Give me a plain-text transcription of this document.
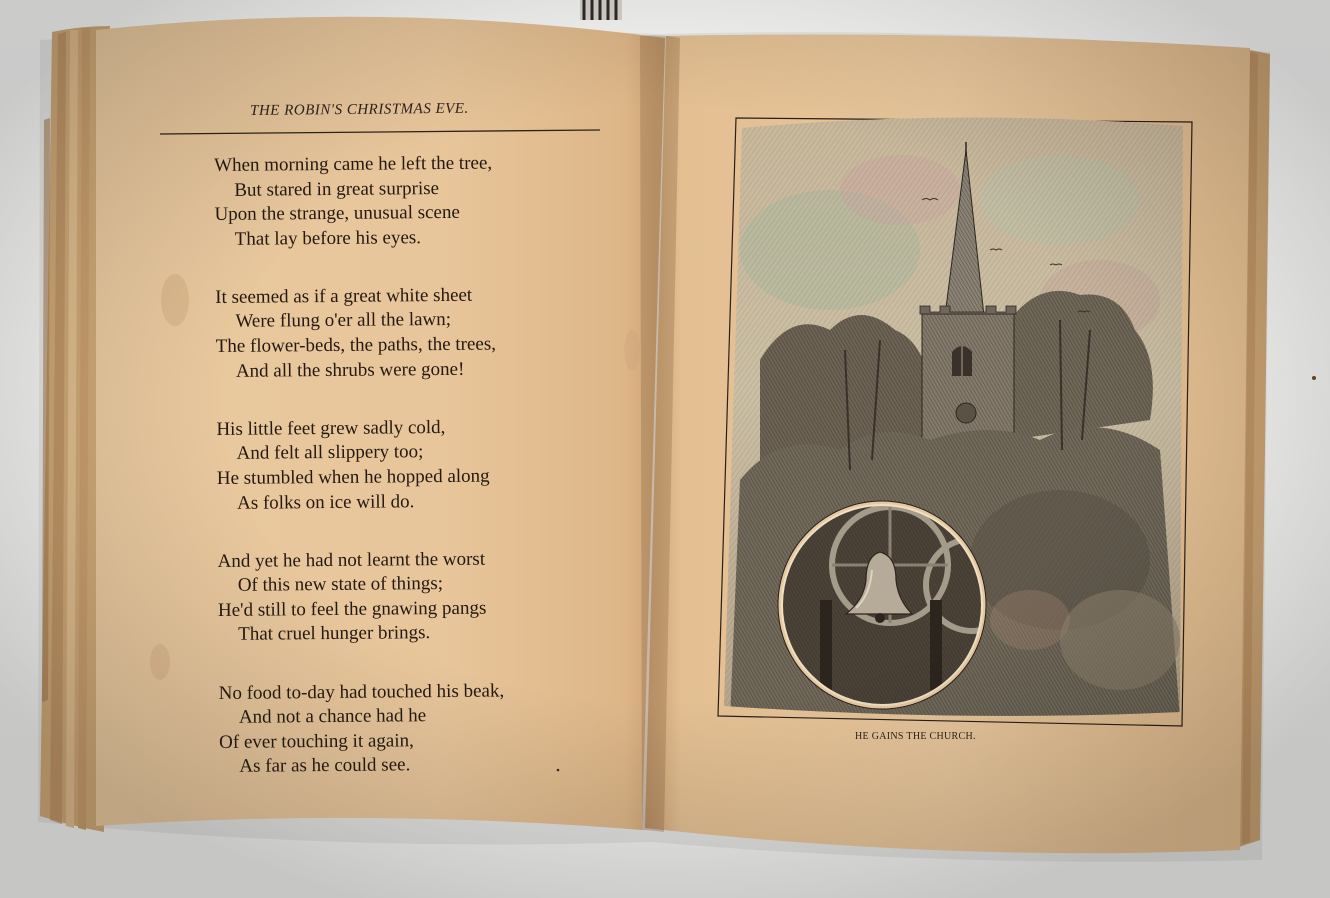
THE ROBIN'S CHRISTMAS EVE.
When morning came he left the tree,
But stared in great surprise
Upon the strange, unusual scene
That lay before his eyes.
It seemed as if a great white sheet
Were flung o'er all the lawn;
The flower-beds, the paths, the trees,
And all the shrubs were gone!
His little feet grew sadly cold,
And felt all slippery too;
He stumbled when he hopped along
As folks on ice will do.
And yet he had not learnt the worst
Of this new state of things;
He'd still to feel the gnawing pangs
That cruel hunger brings.
No food to-day had touched his beak,
And not a chance had he
Of ever touching it again,
As far as he could see.
HE GAINS THE CHURCH.
